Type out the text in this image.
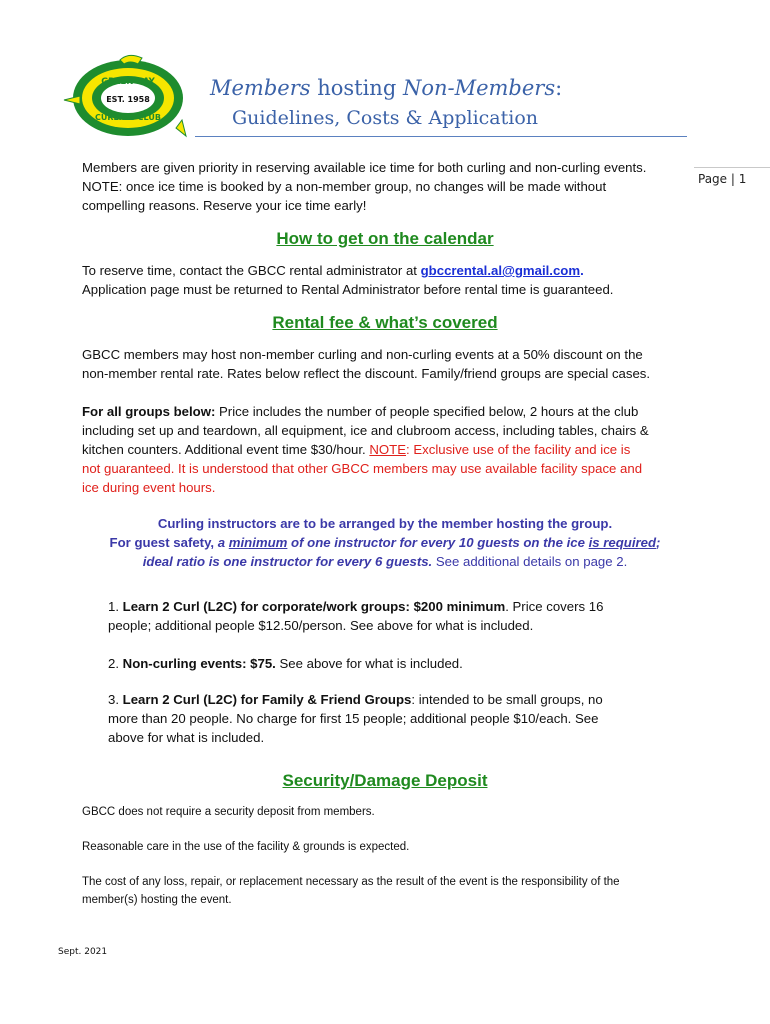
GREEN BAY
EST. 1958
CURLING CLUB
Members hosting Non-Members:
Guidelines, Costs & Application
Page | 1

Members are given priority in reserving available ice time for both curling and non-curling events.

NOTE: once ice time is booked by a non-member group, no changes will be made without

compelling reasons. Reserve your ice time early!

How to get on the calendar

To reserve time, contact the GBCC rental administrator at gbccrental.al@gmail.com.

Application page must be returned to Rental Administrator before rental time is guaranteed.

Rental fee & what’s covered

GBCC members may host non-member curling and non-curling events at a 50% discount on the

non-member rental rate. Rates below reflect the discount. Family/friend groups are special cases.

For all groups below: Price includes the number of people specified below, 2 hours at the club

including set up and teardown, all equipment, ice and clubroom access, including tables, chairs &

kitchen counters. Additional event time $30/hour. NOTE: Exclusive use of the facility and ice is

not guaranteed. It is understood that other GBCC members may use available facility space and

ice during event hours.

Curling instructors are to be arranged by the member hosting the group.
For guest safety, a minimum of one instructor for every 10 guests on the ice is required;
ideal ratio is one instructor for every 6 guests. See additional details on page 2.
1. Learn 2 Curl (L2C) for corporate/work groups: $200 minimum. Price covers 16
people; additional people $12.50/person. See above for what is included.
2. Non-curling events: $75. See above for what is included.
3. Learn 2 Curl (L2C) for Family & Friend Groups: intended to be small groups, no
more than 20 people. No charge for first 15 people; additional people $10/each. See
above for what is included.
Security/Damage Deposit
GBCC does not require a security deposit from members.
Reasonable care in the use of the facility & grounds is expected.
The cost of any loss, repair, or replacement necessary as the result of the event is the responsibility of the
member(s) hosting the event.
Sept. 2021
